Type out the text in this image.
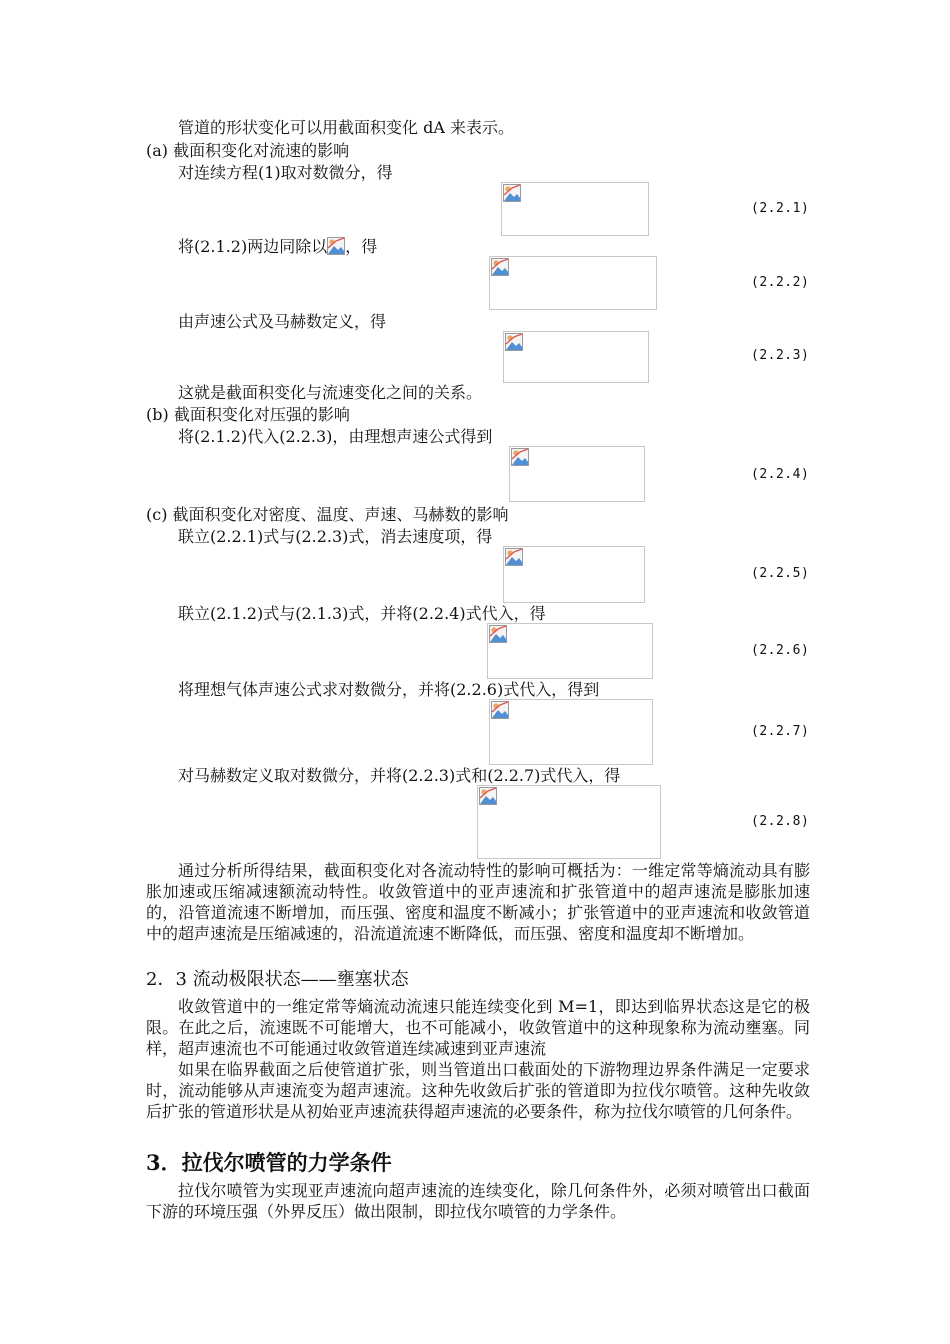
管道的形状变化可以用截面积变化 dA 来表示。
(a) 截面积变化对流速的影响
对连续方程(1)取对数微分，得
(2.2.1)
将(2.1.2)两边同除以 ，得
(2.2.2)
由声速公式及马赫数定义，得
(2.2.3)
这就是截面积变化与流速变化之间的关系。
(b) 截面积变化对压强的影响
将(2.1.2)代入(2.2.3)，由理想声速公式得到
(2.2.4)
(c) 截面积变化对密度、温度、声速、马赫数的影响
联立(2.2.1)式与(2.2.3)式，消去速度项，得
(2.2.5)
联立(2.1.2)式与(2.1.3)式，并将(2.2.4)式代入，得
(2.2.6)
将理想气体声速公式求对数微分，并将(2.2.6)式代入，得到
(2.2.7)
对马赫数定义取对数微分，并将(2.2.3)式和(2.2.7)式代入，得
(2.2.8)
通过分析所得结果，截面积变化对各流动特性的影响可概括为：一维定常等熵流动具有膨胀加速或压缩减速额流动特性。收敛管道中的亚声速流和扩张管道中的超声速流是膨胀加速的，沿管道流速不断增加，而压强、密度和温度不断减小；扩张管道中的亚声速流和收敛管道中的超声速流是压缩减速的，沿流道流速不断降低，而压强、密度和温度却不断增加。
2．3 流动极限状态——壅塞状态
收敛管道中的一维定常等熵流动流速只能连续变化到 M=1，即达到临界状态这是它的极限。在此之后，流速既不可能增大，也不可能减小，收敛管道中的这种现象称为流动壅塞。同样，超声速流也不可能通过收敛管道连续减速到亚声速流
如果在临界截面之后使管道扩张，则当管道出口截面处的下游物理边界条件满足一定要求时，流动能够从声速流变为超声速流。这种先收敛后扩张的管道即为拉伐尔喷管。这种先收敛后扩张的管道形状是从初始亚声速流获得超声速流的必要条件，称为拉伐尔喷管的几何条件。
3．拉伐尔喷管的力学条件
拉伐尔喷管为实现亚声速流向超声速流的连续变化，除几何条件外，必须对喷管出口截面下游的环境压强（外界反压）做出限制，即拉伐尔喷管的力学条件。
